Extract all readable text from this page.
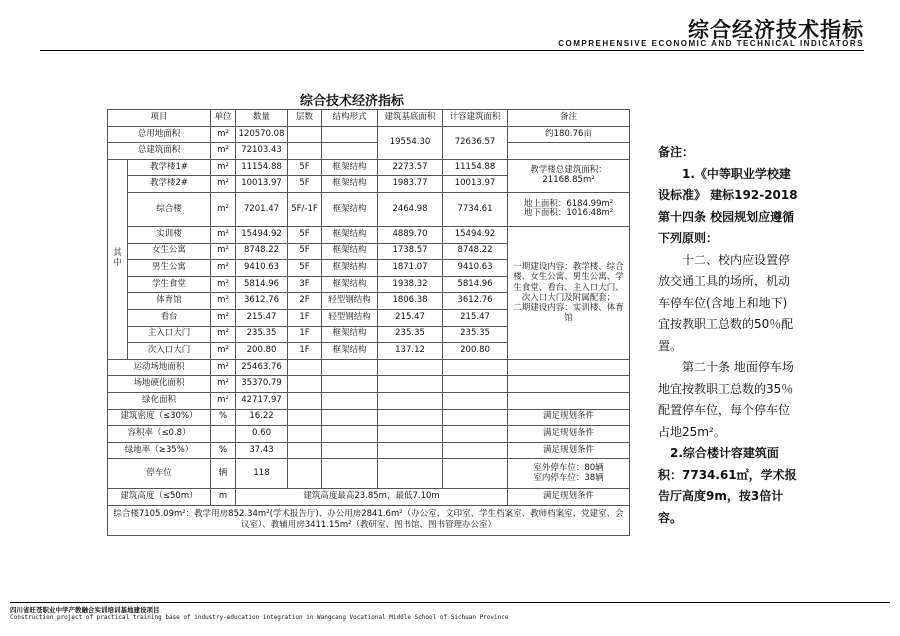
综合经济技术指标
COMPREHENSIVE ECONOMIC AND TECHNICAL INDICATORS
综合技术经济指标
项目		单位	数量	层数	结构形式	建筑基底面积	计容建筑面积	备注
总用地面积		m²	120570.08			19554.30	72636.57	约180.76亩
总建筑面积		m²	72103.43					
其中	教学楼1#	m²	11154.88	5F	框架结构	2273.57	11154.88	教学楼总建筑面积：
21168.85m²

	教学楼2#	m²	10013.97	5F	框架结构	1983.77	10013.97	
	综合楼	m²	7201.47	5F/-1F	框架结构	2464.98	7734.61	地上面积：6184.99m²
地下面积：1016.48m²

	实训楼	m²	15494.92	5F	框架结构	4889.70	15494.92	一期建设内容：教学楼、综合楼、女生公寓、男生公寓、学生食堂、看台、主入口大门、次入口大门及附属配套；
二期建设内容：实训楼、体育馆

	女生公寓	m²	8748.22	5F	框架结构	1738.57	8748.22	
	男生公寓	m²	9410.63	5F	框架结构	1871.07	9410.63	
	学生食堂	m²	5814.96	3F	框架结构	1938.32	5814.96	
	体育馆	m²	3612.76	2F	轻型钢结构	1806.38	3612.76	
	看台	m²	215.47	1F	轻型钢结构	215.47	215.47	
	主入口大门	m²	235.35	1F	框架结构	235.35	235.35	
	次入口大门	m²	200.80	1F	框架结构	137.12	200.80	
运动场地面积		m²	25463.76					
场地硬化面积		m²	35370.79					
绿化面积		m²	42717.97					
建筑密度（≤30%）		%	16.22					满足规划条件
容积率（≤0.8）			0.60					满足规划条件
绿地率（≥35%）		%	37.43					满足规划条件
停车位		辆	118					室外停车位：80辆
室内停车位：38辆

建筑高度（≤50m）		m	建筑高度最高23.85m，最低7.10m					满足规划条件
综合楼7105.09m²：教学用房852.34m²(学术报告厅)、办公用房2841.6m²（办公室、文印室、学生档案室、教师档案室、党建室、会议室）、教辅用房3411.15m²（教研室、图书馆、图书管理办公室）								

备注：

1.《中等职业学校建设标准》 建标192-2018 第十四条 校园规划应遵循下列原则：

十二、校内应设置停放交通工具的场所，机动车停车位(含地上和地下)宜按教职工总数的50％配置。

第二十条 地面停车场地宜按教职工总数的35％配置停车位，每个停车位占地25m²。

2.综合楼计容建筑面积：7734.61㎡，学术报告厅高度9m，按3倍计容。

四川省旺苍职业中学产教融合实训培训基地建设项目
Construction project of practical training base of industry-education integration in Wangcang Vocational Middle School of Sichuan Province
